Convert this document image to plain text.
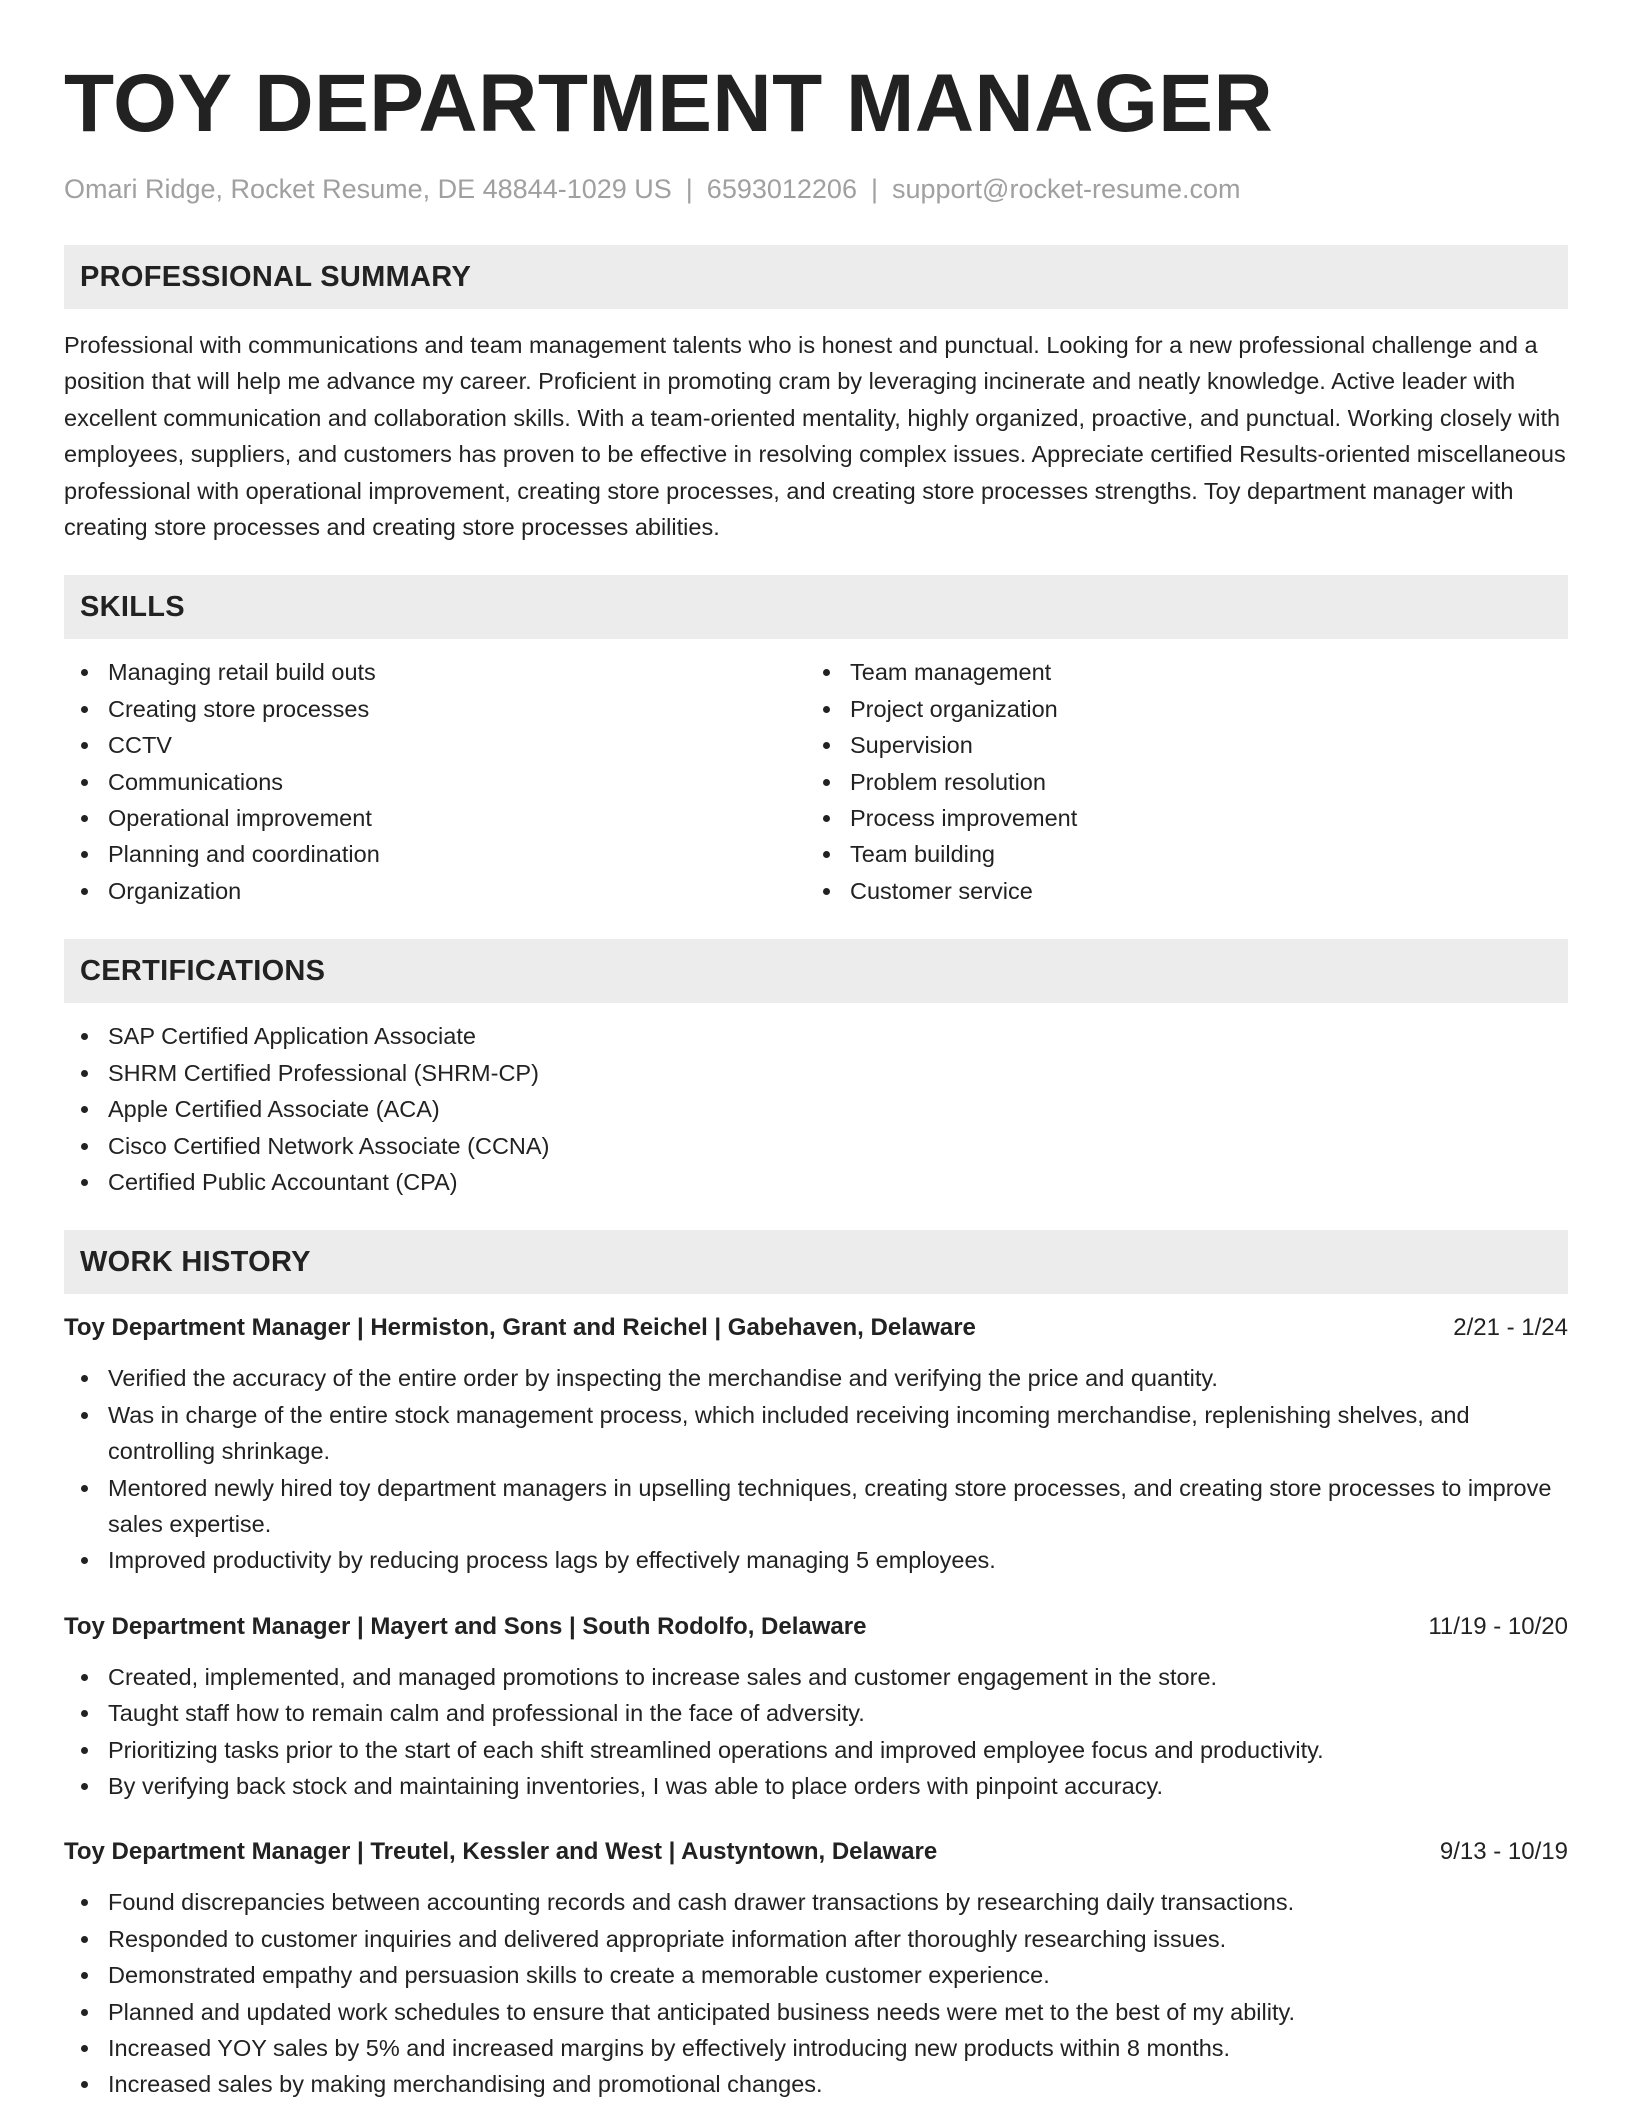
TOY DEPARTMENT MANAGER
Omari Ridge, Rocket Resume, DE 48844-1029 US | 6593012206 | support@rocket-resume.com
PROFESSIONAL SUMMARY

Professional with communications and team management talents who is honest and punctual. Looking for a new professional challenge and a position that will help me advance my career. Proficient in promoting cram by leveraging incinerate and neatly knowledge. Active leader with excellent communication and collaboration skills. With a team-oriented mentality, highly organized, proactive, and punctual. Working closely with employees, suppliers, and customers has proven to be effective in resolving complex issues. Appreciate certified Results-oriented miscellaneous professional with operational improvement, creating store processes, and creating store processes strengths. Toy department manager with creating store processes and creating store processes abilities.

SKILLS
Managing retail build outs
Creating store processes
CCTV
Communications
Operational improvement
Planning and coordination
Organization
Team management
Project organization
Supervision
Problem resolution
Process improvement
Team building
Customer service
CERTIFICATIONS
SAP Certified Application Associate
SHRM Certified Professional (SHRM-CP)
Apple Certified Associate (ACA)
Cisco Certified Network Associate (CCNA)
Certified Public Accountant (CPA)
WORK HISTORY
Toy Department Manager | Hermiston, Grant and Reichel | Gabehaven, Delaware	2/21 - 1/24
Verified the accuracy of the entire order by inspecting the merchandise and verifying the price and quantity.
Was in charge of the entire stock management process, which included receiving incoming merchandise, replenishing shelves, and controlling shrinkage.
Mentored newly hired toy department managers in upselling techniques, creating store processes, and creating store processes to improve sales expertise.
Improved productivity by reducing process lags by effectively managing 5 employees.
Toy Department Manager | Mayert and Sons | South Rodolfo, Delaware	11/19 - 10/20
Created, implemented, and managed promotions to increase sales and customer engagement in the store.
Taught staff how to remain calm and professional in the face of adversity.
Prioritizing tasks prior to the start of each shift streamlined operations and improved employee focus and productivity.
By verifying back stock and maintaining inventories, I was able to place orders with pinpoint accuracy.
Toy Department Manager | Treutel, Kessler and West | Austyntown, Delaware	9/13 - 10/19
Found discrepancies between accounting records and cash drawer transactions by researching daily transactions.
Responded to customer inquiries and delivered appropriate information after thoroughly researching issues.
Demonstrated empathy and persuasion skills to create a memorable customer experience.
Planned and updated work schedules to ensure that anticipated business needs were met to the best of my ability.
Increased YOY sales by 5% and increased margins by effectively introducing new products within 8 months.
Increased sales by making merchandising and promotional changes.
